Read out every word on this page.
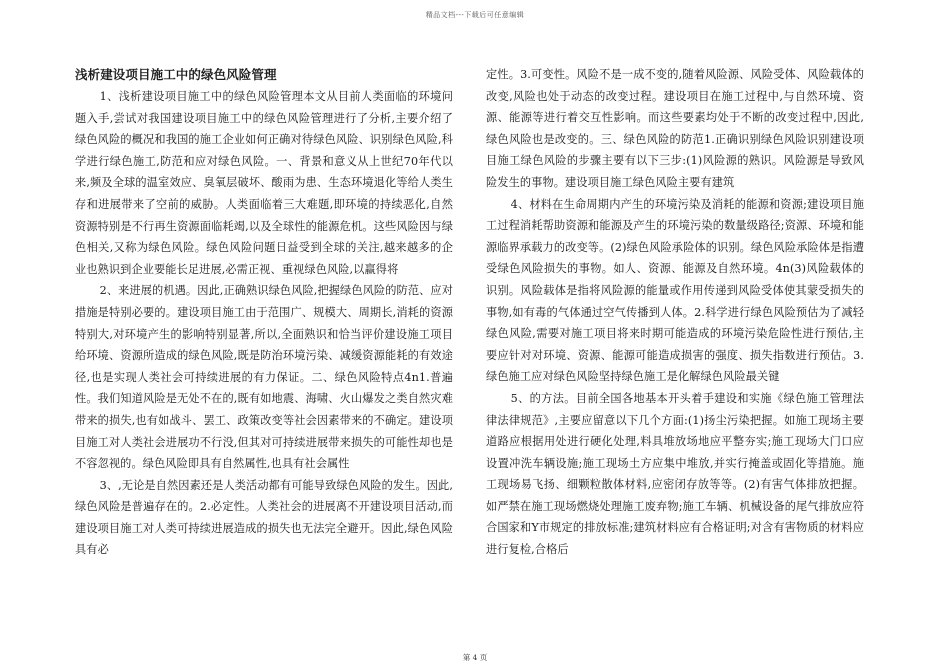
精品文档---下载后可任意编辑
浅析建设项目施工中的绿色风险管理

1、浅析建设项目施工中的绿色风险管理本文从目前人类面临的环境问题入手,尝试对我国建设项目施工中的绿色风险管理进行了分析,主要介绍了绿色风险的概况和我国的施工企业如何正确对待绿色风险、识别绿色风险,科学进行绿色施工,防范和应对绿色风险。一、背景和意义从上世纪70年代以来,频及全球的温室效应、臭氧层破坏、酸雨为患、生态环境退化等给人类生存和进展带来了空前的威胁。人类面临着三大难题,即环境的持续恶化,自然资源特别是不行再生资源面临耗竭,以及全球性的能源危机。这些风险因与绿色相关,又称为绿色风险。绿色风险问题日益受到全球的关注,越来越多的企业也熟识到企业要能长足进展,必需正视、重视绿色风险,以赢得将

2、来进展的机遇。因此,正确熟识绿色风险,把握绿色风险的防范、应对措施是特别必要的。建设项目施工由于范围广、规模大、周期长,消耗的资源特别大,对环境产生的影响特别显著,所以,全面熟识和恰当评价建设施工项目给环境、资源所造成的绿色风险,既是防治环境污染、减缓资源能耗的有效途径,也是实现人类社会可持续进展的有力保证。二、绿色风险特点4n1.普遍性。我们知道风险是无处不在的,既有如地震、海啸、火山爆发之类自然灾难带来的损失,也有如战斗、罢工、政策改变等社会因素带来的不确定。建设项目施工对人类社会进展功不行没,但其对可持续进展带来损失的可能性却也是不容忽视的。绿色风险即具有自然属性,也具有社会属性

3、,无论是自然因素还是人类活动都有可能导致绿色风险的发生。因此,绿色风险是普遍存在的。2.必定性。人类社会的进展离不开建设项目活动,而建设项目施工对人类可持续进展造成的损失也无法完全避开。因此,绿色风险具有必

定性。3.可变性。风险不是一成不变的,随着风险源、风险受体、风险载体的改变,风险也处于动态的改变过程。建设项目在施工过程中,与自然环境、资源、能源等进行着交互性影响。而这些要素均处于不断的改变过程中,因此,绿色风险也是改变的。三、绿色风险的防范1.正确识别绿色风险识别建设项目施工绿色风险的步骤主要有以下三步:(1)风险源的熟识。风险源是导致风险发生的事物。建设项目施工绿色风险主要有建筑

4、材料在生命周期内产生的环境污染及消耗的能源和资源;建设项目施工过程消耗帮助资源和能源及产生的环境污染的数量级路径;资源、环境和能源临界承载力的改变等。(2)绿色风险承险体的识别。绿色风险承险体是指遭受绿色风险损失的事物。如人、资源、能源及自然环境。4n(3)风险载体的识别。风险载体是指将风险源的能量或作用传递到风险受体使其蒙受损失的事物,如有毒的气体通过空气传播到人体。2.科学进行绿色风险预估为了减轻绿色风险,需要对施工项目将来时期可能造成的环境污染危险性进行预估,主要应针对对环境、资源、能源可能造成损害的强度、损失指数进行预估。3.绿色施工应对绿色风险坚持绿色施工是化解绿色风险最关键

5、的方法。目前全国各地基本开头着手建设和实施《绿色施工管理法律法律规范》,主要应留意以下几个方面:(1)扬尘污染把握。如施工现场主要道路应根据用处进行硬化处理,料具堆放场地应平整夯实;施工现场大门口应设置冲洗车辆设施;施工现场土方应集中堆放,并实行掩盖或固化等措施。施工现场易飞扬、细颗粒散体材料,应密闭存放等等。(2)有害气体排放把握。如严禁在施工现场燃烧处理施工废弃物;施工车辆、机械设备的尾气排放应符合国家和Y市规定的排放标准;建筑材料应有合格证明;对含有害物质的材料应进行复检,合格后

第 4 页
